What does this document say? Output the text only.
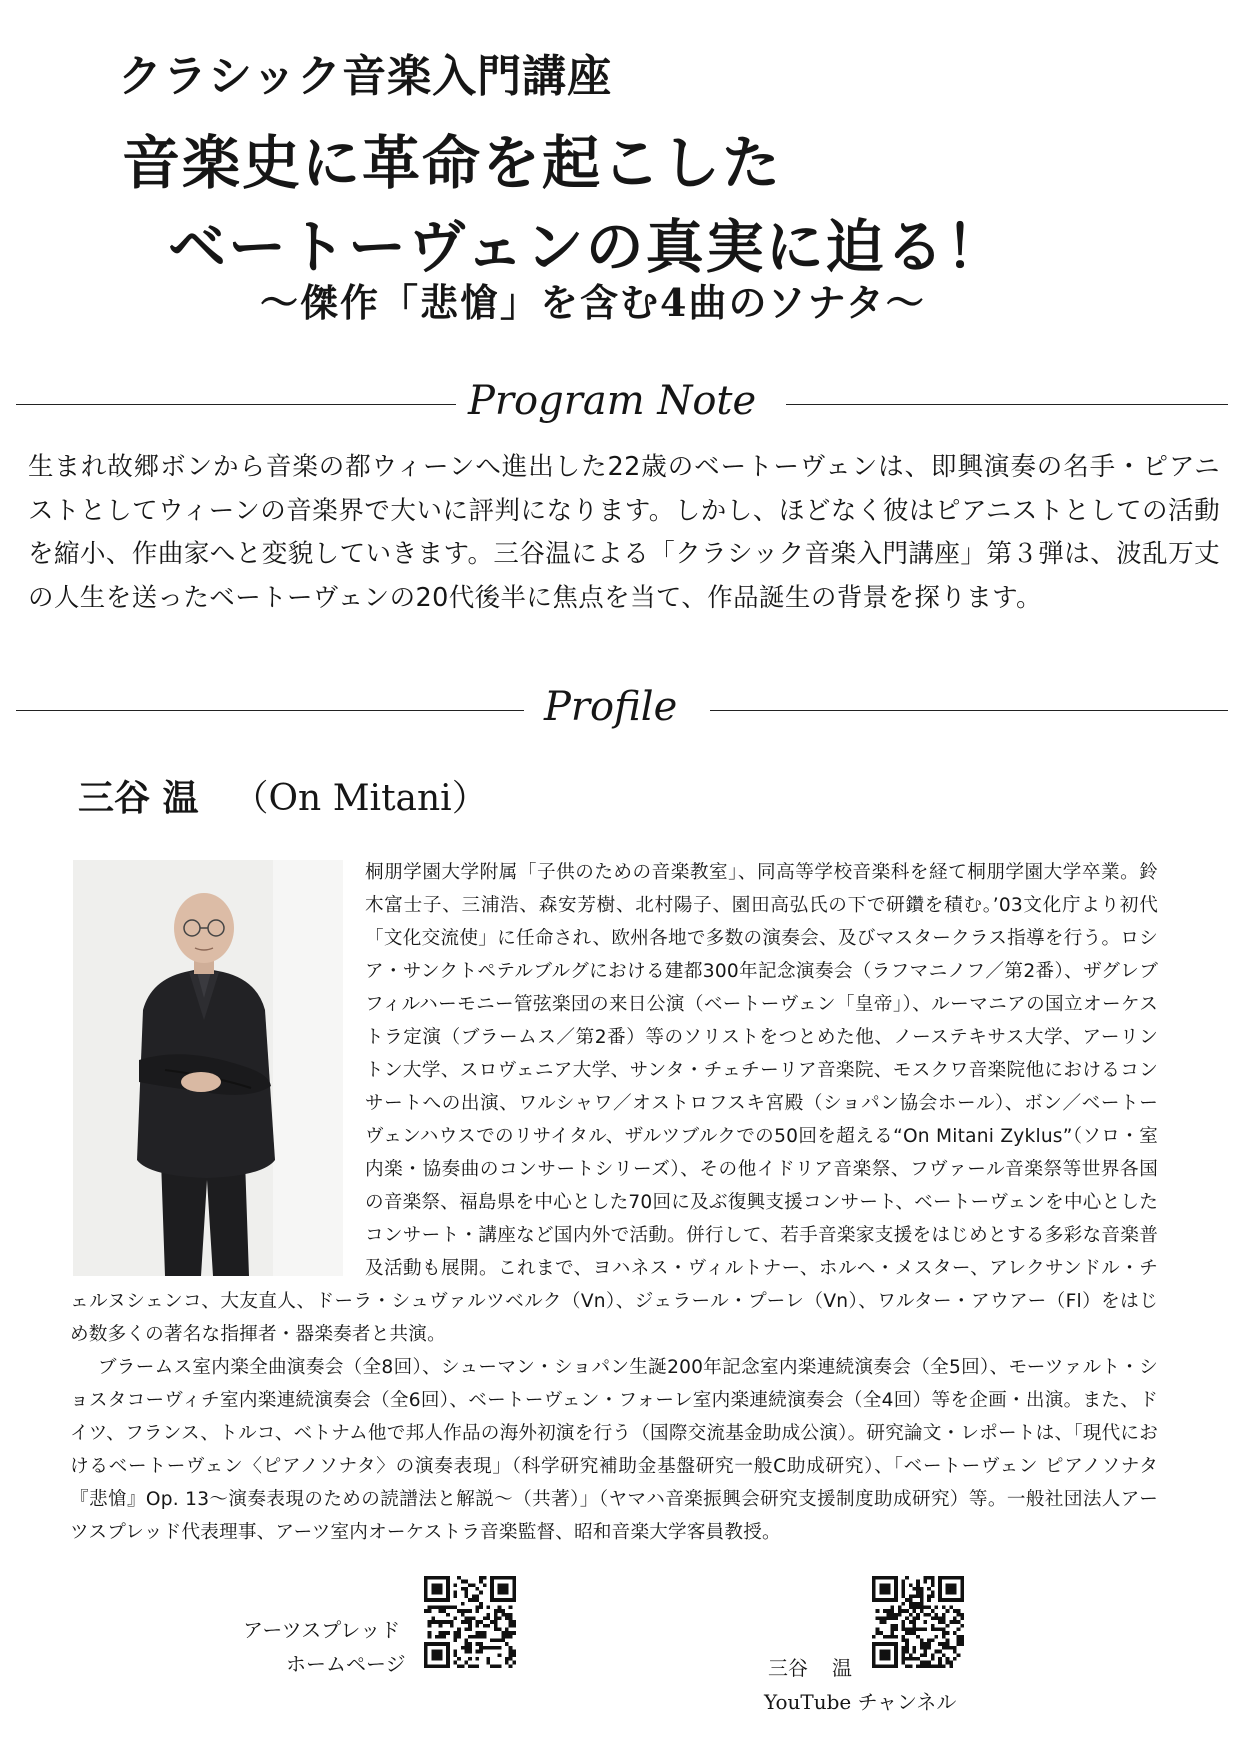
クラシック音楽入門講座
音楽史に革命を起こした
ベートーヴェンの真実に迫る！
～傑作「悲愴」を含む4曲のソナタ～
Program Note

生まれ故郷ボンから音楽の都ウィーンへ進出した22歳のベートーヴェンは、即興演奏の名手・ピアニストとしてウィーンの音楽界で大いに評判になります。しかし、ほどなく彼はピアニストとしての活動を縮小、作曲家へと変貌していきます。三谷温による「クラシック音楽入門講座」第３弾は、波乱万丈の人生を送ったベートーヴェンの20代後半に焦点を当て、作品誕生の背景を探ります。

Profile
三谷 温 （On Mitani）

桐朋学園大学附属「子供のための音楽教室」、同高等学校音楽科を経て桐朋学園大学卒業。鈴木富士子、三浦浩、森安芳樹、北村陽子、園田高弘氏の下で研鑽を積む。’03文化庁より初代「文化交流使」に任命され、欧州各地で多数の演奏会、及びマスタークラス指導を行う。ロシア・サンクトペテルブルグにおける建都300年記念演奏会（ラフマニノフ／第2番）、ザグレブフィルハーモニー管弦楽団の来日公演（ベートーヴェン「皇帝」）、ルーマニアの国立オーケストラ定演（ブラームス／第2番）等のソリストをつとめた他、ノーステキサス大学、アーリントン大学、スロヴェニア大学、サンタ・チェチーリア音楽院、モスクワ音楽院他におけるコンサートへの出演、ワルシャワ／オストロフスキ宮殿（ショパン協会ホール）、ボン／ベートーヴェンハウスでのリサイタル、ザルツブルクでの50回を超える“On Mitani Zyklus”（ソロ・室内楽・協奏曲のコンサートシリーズ）、その他イドリア音楽祭、フヴァール音楽祭等世界各国の音楽祭、福島県を中心とした70回に及ぶ復興支援コンサート、ベートーヴェンを中心としたコンサート・講座など国内外で活動。併行して、若手音楽家支援をはじめとする多彩な音楽普及活動も展開。これまで、ヨハネス・ヴィルトナー、ホルヘ・メスター、アレクサンドル・チェルヌシェンコ、大友直人、ドーラ・シュヴァルツベルク（Vn）、ジェラール・プーレ（Vn）、ワルター・アウアー（Fl）をはじめ数多くの著名な指揮者・器楽奏者と共演。

ブラームス室内楽全曲演奏会（全8回）、シューマン・ショパン生誕200年記念室内楽連続演奏会（全5回）、モーツァルト・ショスタコーヴィチ室内楽連続演奏会（全6回）、ベートーヴェン・フォーレ室内楽連続演奏会（全4回）等を企画・出演。また、ドイツ、フランス、トルコ、ベトナム他で邦人作品の海外初演を行う（国際交流基金助成公演）。研究論文・レポートは、「現代におけるベートーヴェン〈ピアノソナタ〉の演奏表現」（科学研究補助金基盤研究一般C助成研究）、「ベートーヴェン ピアノソナタ『悲愴』Op. 13～演奏表現のための読譜法と解説～（共著）」（ヤマハ音楽振興会研究支援制度助成研究）等。一般社団法人アーツスプレッド代表理事、アーツ室内オーケストラ音楽監督、昭和音楽大学客員教授。

アーツスプレッド
ホームページ	三谷 温
YouTube チャンネル
